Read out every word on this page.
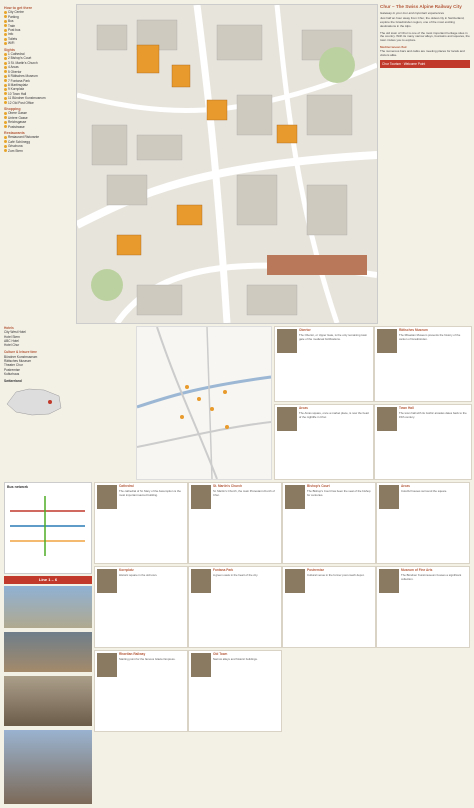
How to get there
City Centre
Parking
Bus
Train
Post bus
Info
Toilets
WiFi
Sights
1 Cathedral
2 Bishop's Court
3 St. Martin's Church
4 Arcas
5 Obertor
6 Rätisches Museum
7 Fontana Park
8 Martinsplatz
9 Kornplatz
10 Town Hall
11 Bündner Kunstmuseum
12 Old Post Office
Shopping
Obere Gasse
Untere Gasse
Reichsgasse
Poststrasse
Restaurants
Restaurant Ristorante
Café Schönegg
Grischuna
Zum Stern
Chur – The Swiss Alpine Railway City
Gateway to your tour and important experiences
Just half an hour away from Chur, the oldest city in Switzerland, explore the Graubünden region, one of the most exciting destinations in the Alps.
The old town of Chur is one of the most important heritage sites in the country. With its many narrow alleys, fountains and squares, the town invites you to explore.
Mediterranean flair
The numerous bars and cafés are meeting places for locals and visitors alike.
Chur Tourism · Welcome Point
Hotels
City West Hotel
Hotel Stern
ABC Hotel
Hotel Chur
Culture & leisure time
Bündner Kunstmuseum
Rätisches Museum
Theater Chur
Postremise
Kulturhaus
Switzerland
Obertor
The Obertor, or Upper Gate, is the only remaining town gate of the medieval fortifications.
Arcas
The Arcas square, once a market place, is now the heart of the nightlife in Chur.
Rätisches Museum
The Rhaetian Museum presents the history of the canton of Graubünden.
Town Hall
The town hall with its Gothic arcades dates back to the 15th century.
Bus network
Line 1 – 6
Cathedral
The cathedral of St. Mary of the Assumption is the most important sacred building.
St. Martin's Church
St. Martin's Church, the main Protestant church of Chur.
Bishop's Court
The Bishop's Court has been the seat of the bishop for centuries.
Arcas
Colorful houses surround the square.
Kornplatz
Historic square in the old town.
Fontana Park
A green oasis in the heart of the city.
Postremise
Cultural venue in the former post coach depot.
Museum of Fine Arts
The Bündner Kunstmuseum houses a significant collection.
Rhaetian Railway
Starting point for the famous Glacier Express.
Old Town
Narrow alleys and historic buildings.
